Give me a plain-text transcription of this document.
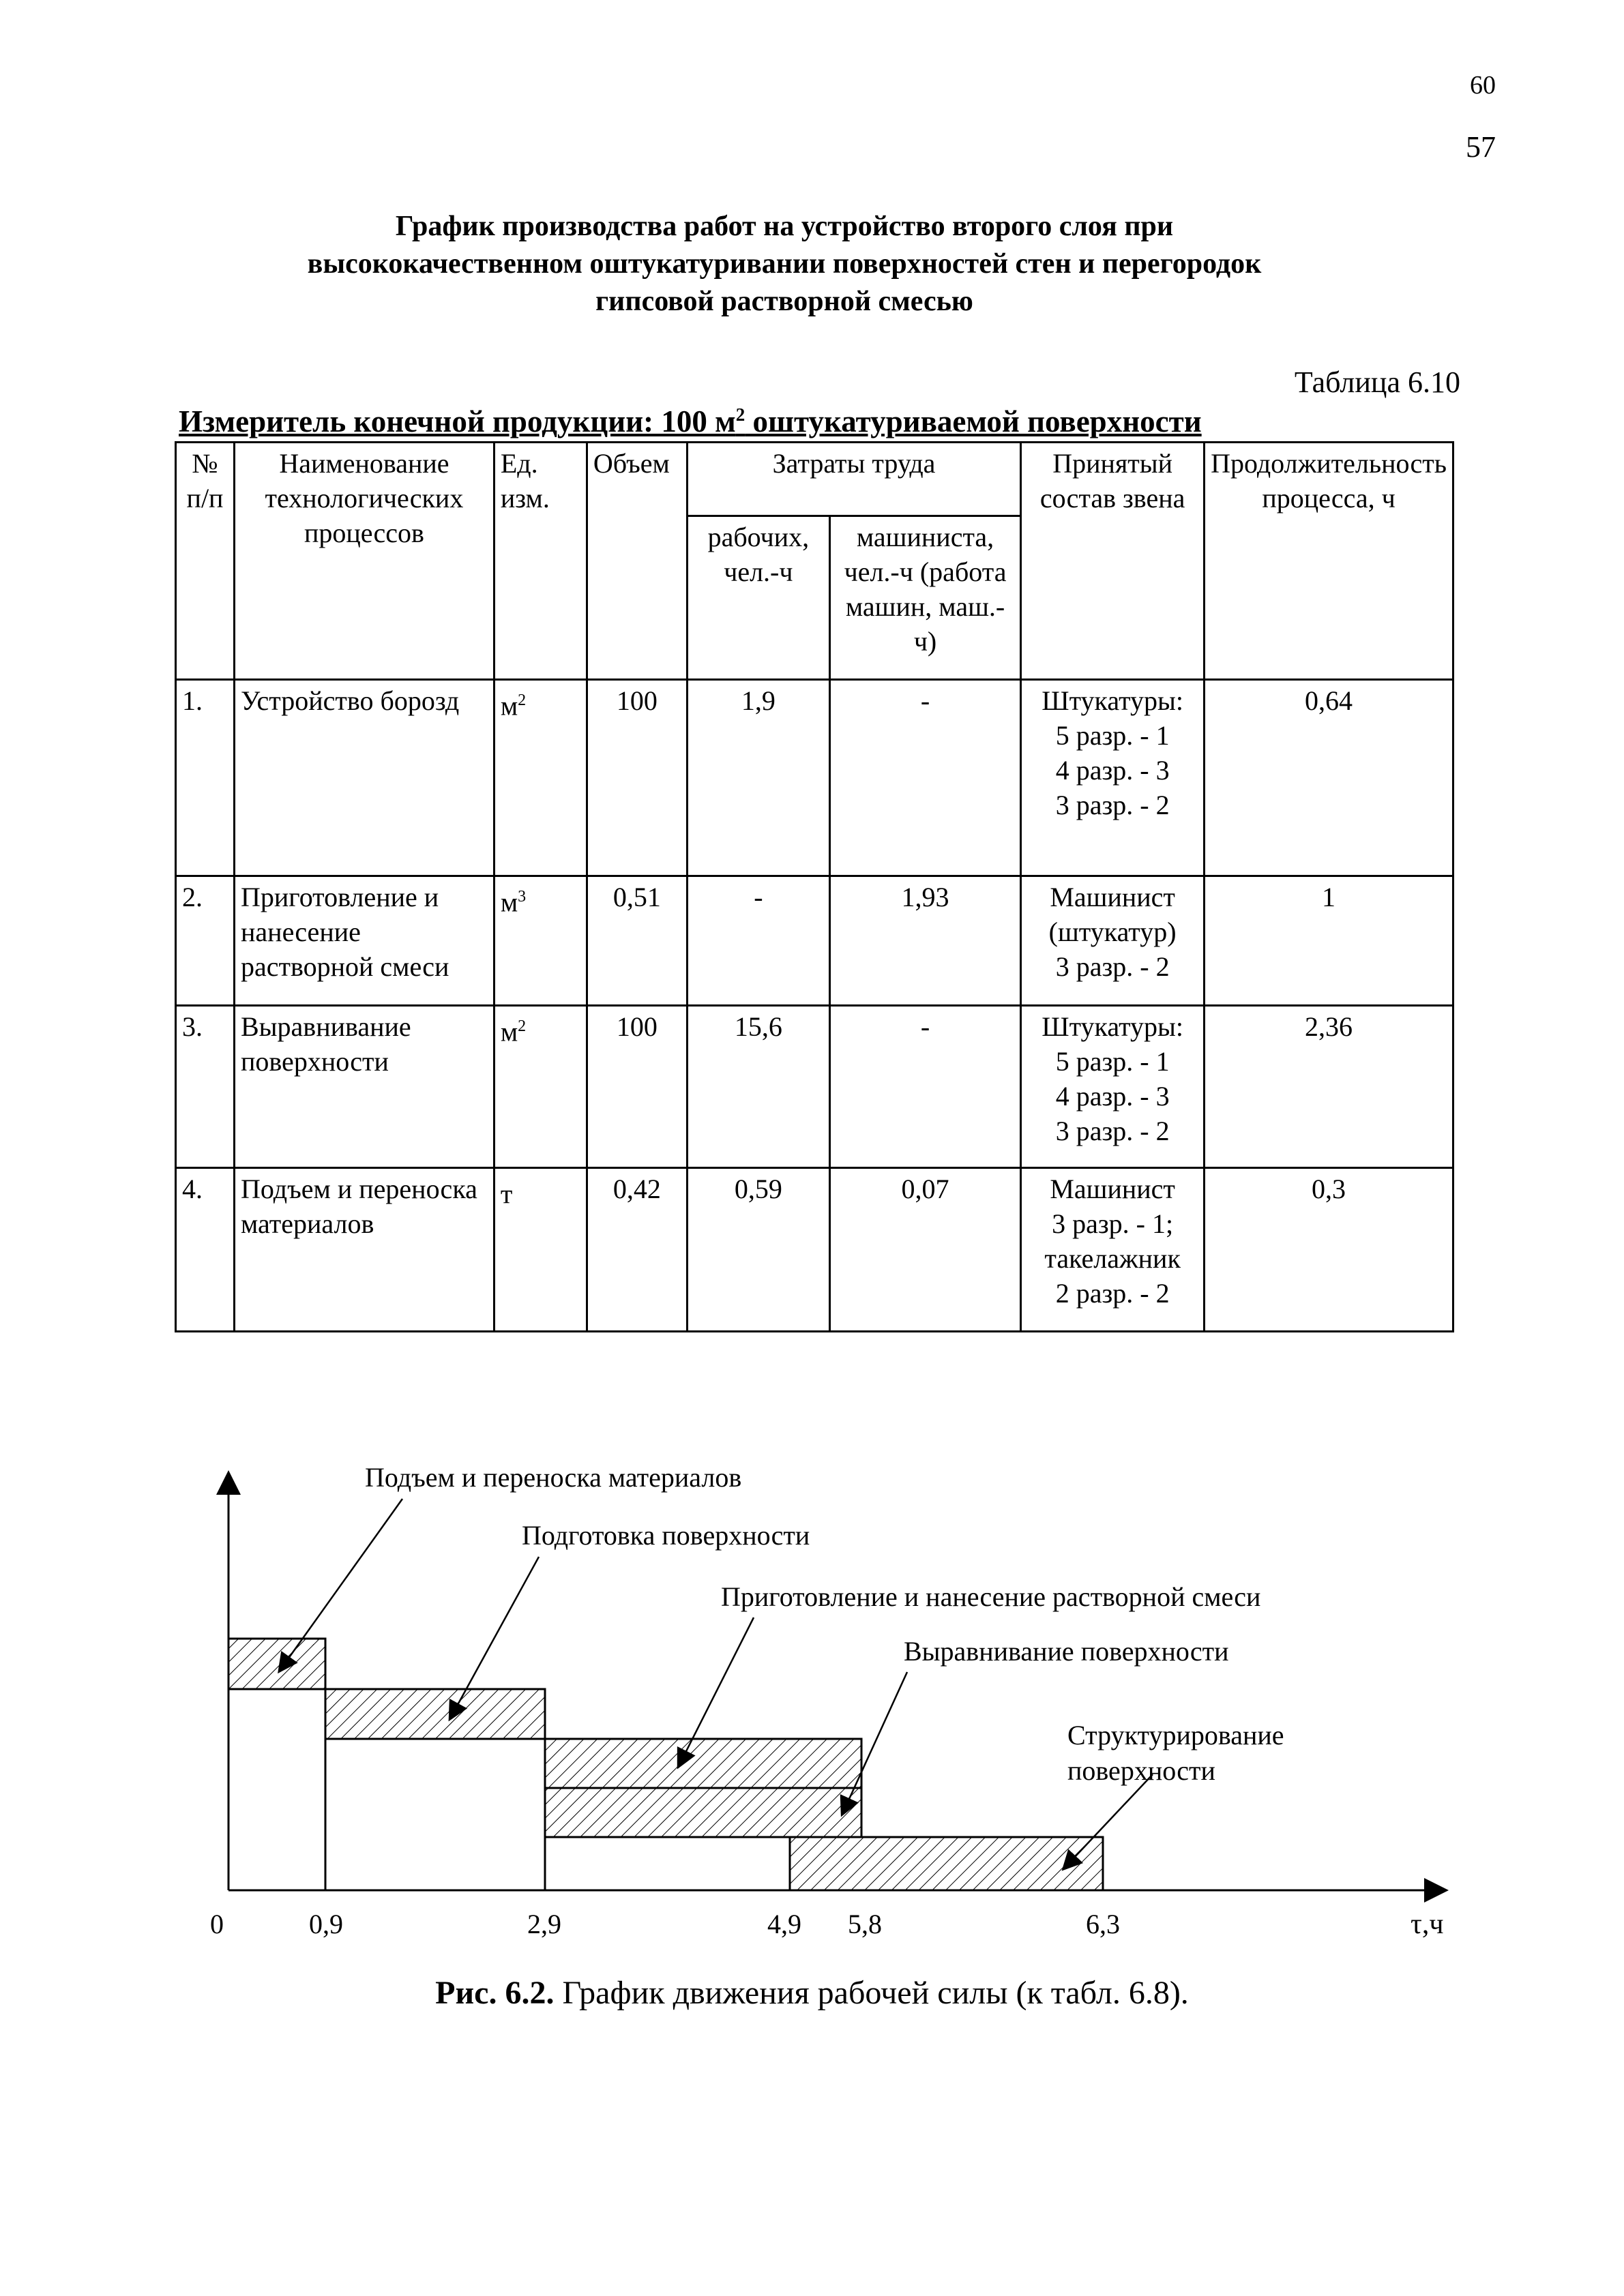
60
57
График производства работ на устройство второго слоя при
высококачественном оштукатуривании поверхностей стен и перегородок
гипсовой растворной смесью
Таблица 6.10
Измеритель конечной продукции: 100 $м^2$ оштукатуриваемой поверхности
№ п/п	Наименование технологических процессов	Ед. изм.	Объем	Затраты труда		Принятый состав звена	Продолжительность процесса, ч
				рабочих, чел.-ч	машиниста, чел.-ч (работа машин, маш.-ч)		
1.	Устройство борозд	$м^2$	100	1,9	-	Штукатуры:
5 разр. - 1
4 разр. - 3
3 разр. - 2	0,64
2.	Приготовление и нанесение растворной смеси	$м^3$	0,51	-	1,93	Машинист
(штукатур)
3 разр. - 2	1
3.	Выравнивание поверхности	$м^2$	100	15,6	-	Штукатуры:
5 разр. - 1
4 разр. - 3
3 разр. - 2	2,36
4.	Подъем и переноска материалов	т	0,42	0,59	0,07	Машинист
3 разр. - 1;
такелажник
2 разр. - 2	0,3
0	0,9	2,9	4,9 5,8	6,3	τ,ч
Подъем и переноска материалов
Подготовка поверхности
Приготовление и нанесение растворной смеси
Выравнивание поверхности
Структурирование
поверхности
Рис. 6.2. График движения рабочей силы (к табл. 6.8).
